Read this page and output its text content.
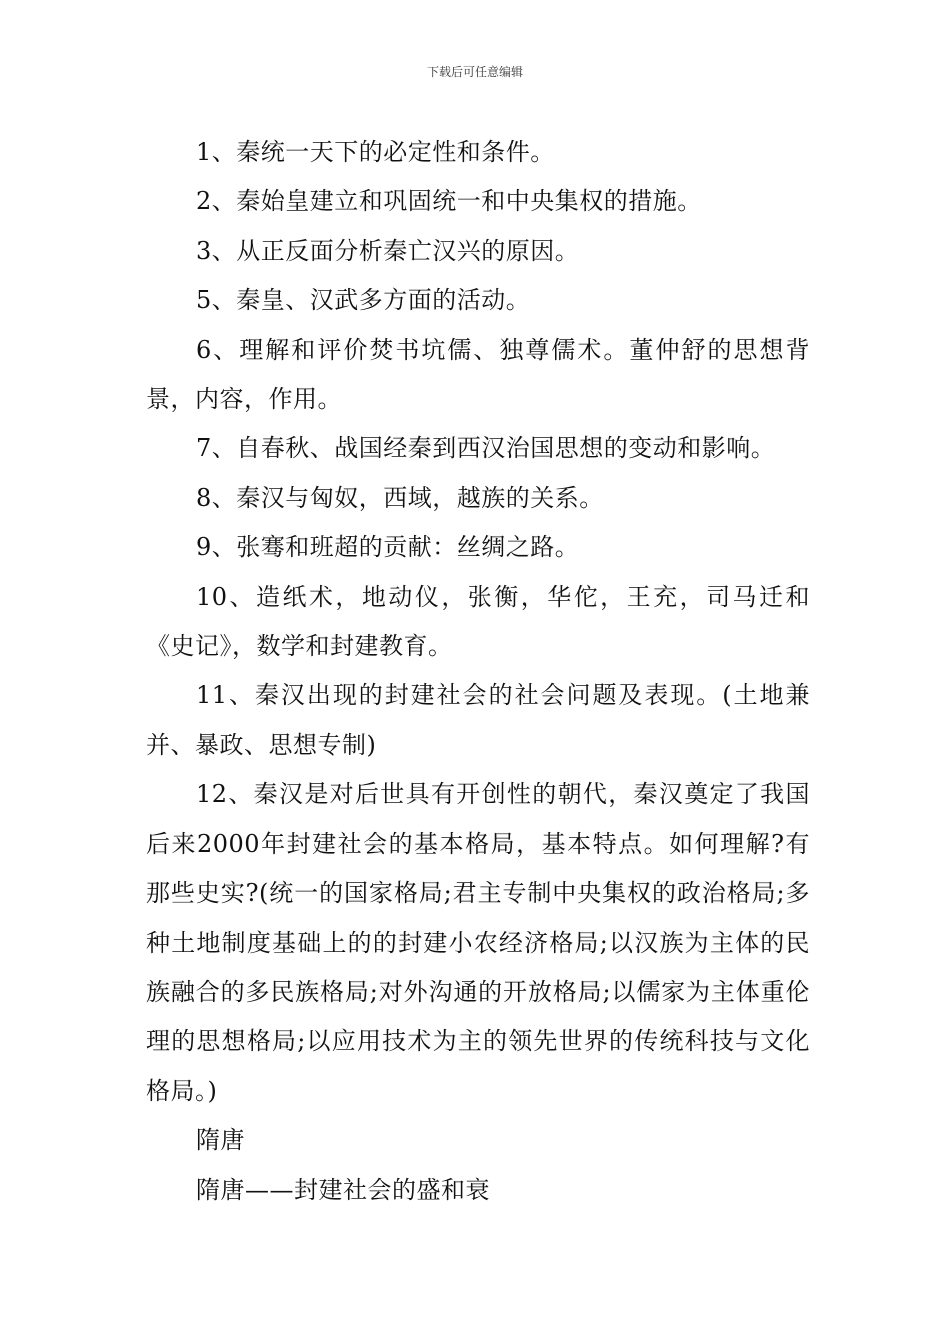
下载后可任意编辑

1、秦统一天下的必定性和条件。

2、秦始皇建立和巩固统一和中央集权的措施。

3、从正反面分析秦亡汉兴的原因。

5、秦皇、汉武多方面的活动。

6、理解和评价焚书坑儒、独尊儒术。董仲舒的思想背景，内容，作用。

7、自春秋、战国经秦到西汉治国思想的变动和影响。

8、秦汉与匈奴，西域，越族的关系。

9、张骞和班超的贡献：丝绸之路。

10、造纸术，地动仪，张衡，华佗，王充，司马迁和《史记》，数学和封建教育。

11、秦汉出现的封建社会的社会问题及表现。(土地兼并、暴政、思想专制)

12、秦汉是对后世具有开创性的朝代，秦汉奠定了我国后来2000年封建社会的基本格局，基本特点。如何理解?有那些史实?(统一的国家格局;君主专制中央集权的政治格局;多种土地制度基础上的的封建小农经济格局;以汉族为主体的民族融合的多民族格局;对外沟通的开放格局;以儒家为主体重伦理的思想格局;以应用技术为主的领先世界的传统科技与文化格局。)

隋唐

隋唐——封建社会的盛和衰
